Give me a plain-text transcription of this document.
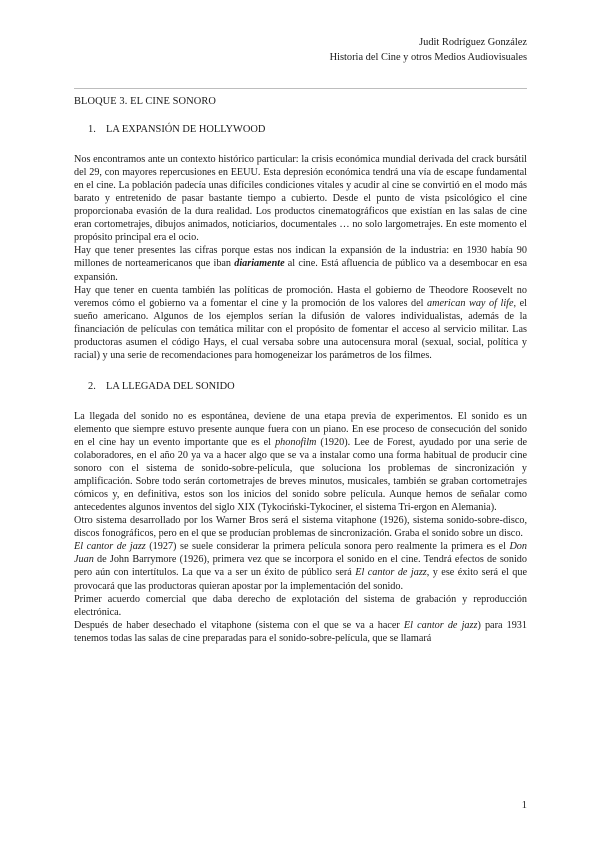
Judit Rodríguez González
Historia del Cine y otros Medios Audiovisuales
BLOQUE 3. EL CINE SONORO
1. LA EXPANSIÓN DE HOLLYWOOD

Nos encontramos ante un contexto histórico particular: la crisis económica mundial derivada del crack bursátil del 29, con mayores repercusiones en EEUU. Esta depresión económica tendrá una vía de escape fundamental en el cine. La población padecía unas difíciles condiciones vitales y acudir al cine se convirtió en el modo más barato y entretenido de pasar bastante tiempo a cubierto. Desde el punto de vista psicológico el cine proporcionaba evasión de la dura realidad. Los productos cinematográficos que existían en las salas de cine eran cortometrajes, dibujos animados, noticiarios, documentales … no solo largometrajes. En este momento el propósito principal era el ocio.

Hay que tener presentes las cifras porque estas nos indican la expansión de la industria: en 1930 había 90 millones de norteamericanos que iban diariamente al cine. Está afluencia de público va a desembocar en esa expansión.

Hay que tener en cuenta también las políticas de promoción. Hasta el gobierno de Theodore Roosevelt no veremos cómo el gobierno va a fomentar el cine y la promoción de los valores del american way of life, el sueño americano. Algunos de los ejemplos serían la difusión de valores individualistas, además de la financiación de películas con temática militar con el propósito de fomentar el acceso al servicio militar. Las productoras asumen el código Hays, el cual versaba sobre una autocensura moral (sexual, social, política y racial) y una serie de recomendaciones para homogeneizar los parámetros de los filmes.

2. LA LLEGADA DEL SONIDO

La llegada del sonido no es espontánea, deviene de una etapa previa de experimentos. El sonido es un elemento que siempre estuvo presente aunque fuera con un piano. En ese proceso de consecución del sonido en el cine hay un evento importante que es el phonofilm (1920). Lee de Forest, ayudado por una serie de colaboradores, en el año 20 ya va a hacer algo que se va a instalar como una forma habitual de producir cine sonoro con el sistema de sonido-sobre-película, que soluciona los problemas de sincronización y amplificación. Sobre todo serán cortometrajes de breves minutos, musicales, también se graban cortometrajes cómicos y, en definitiva, estos son los inicios del sonido sobre película. Aunque hemos de señalar como antecedentes algunos inventos del siglo XIX (Tykociński-Tykociner, el sistema Tri-ergon en Alemania).

Otro sistema desarrollado por los Warner Bros será el sistema vitaphone (1926), sistema sonido-sobre-disco, discos fonográficos, pero en el que se producían problemas de sincronización. Graba el sonido sobre un disco.

El cantor de jazz (1927) se suele considerar la primera película sonora pero realmente la primera es el Don Juan de John Barrymore (1926), primera vez que se incorpora el sonido en el cine. Tendrá efectos de sonido pero aún con intertítulos. La que va a ser un éxito de público será El cantor de jazz, y ese éxito será el que provocará que las productoras quieran apostar por la implementación del sonido.

Primer acuerdo comercial que daba derecho de explotación del sistema de grabación y reproducción electrónica.

Después de haber desechado el vitaphone (sistema con el que se va a hacer El cantor de jazz) para 1931 tenemos todas las salas de cine preparadas para el sonido-sobre-película, que se llamará

1
